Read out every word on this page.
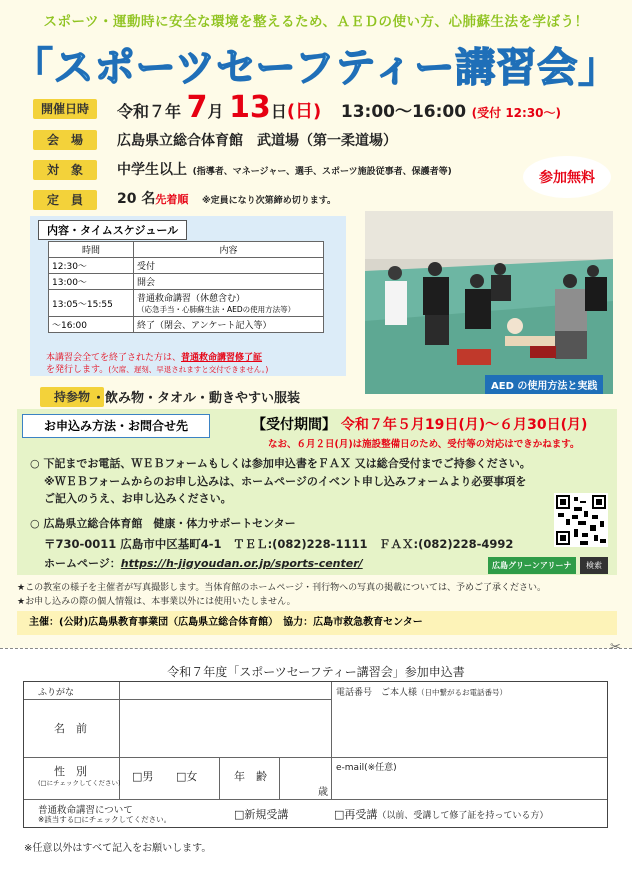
スポーツ・運動時に安全な環境を整えるため、ＡＥＤの使い方、心肺蘇生法を学ぼう！
「スポーツセーフティー講習会」
開催日時	令和７年 7月 13日(日) 13:00〜16:00 (受付 12:30〜)
会　場	広島県立総合体育館　武道場（第一柔道場）
対　象	中学生以上 (指導者、マネージャー、選手、スポーツ施設従事者、保護者等)
定　員	20 名先着順 ※定員になり次第締め切ります。
参加無料
内容・タイムスケジュール
時間	内容
12:30〜	受付
13:00〜	開会
13:05〜15:55	普通救命講習（休憩含む）
（応急手当・心肺蘇生法・AEDの使用方法等）

〜16:00	終了（閉会、アンケート記入等）
本講習会全てを終了された方は、普通救命講習修了証
を発行します。(欠席、遅刻、早退されますと交付できません。)
持参物 ・飲み物・タオル・動きやすい服装
AED の使用方法と実践
お申込み方法・お問合せ先	【受付期間】 令和７年５月19日(月)〜６月30日(月)
なお、６月２日(月)は施設整備日のため、受付等の対応はできかねます。
○ 下記までお電話、ＷＥＢフォームもしくは参加申込書をＦＡＸ 又は総合受付までご持参ください。
※ＷＥＢフォームからのお申し込みは、ホームページのイベント申し込みフォームより必要事項を
ご記入のうえ、お申し込みください。
○ 広島県立総合体育館　健康・体力サポートセンター
〒730-0011 広島市中区基町4-1　ＴＥＬ:(082)228-1111　ＦＡＸ:(082)228-4992
ホームページ：https://h-jigyoudan.or.jp/sports-center/	広島グリーンアリーナ	検索
★この教室の様子を主催者が写真撮影します。当体育館のホームページ・刊行物への写真の掲載については、予めご了承ください。
★お申し込みの際の個人情報は、本事業以外には使用いたしません。
主催：(公財)広島県教育事業団（広島県立総合体育館）　協力：広島市救急教育センター
✂
令和７年度「スポーツセーフティー講習会」参加申込書
ふりがな
名　前
電話番号　ご本人様（日中繋がるお電話番号）
性　別
(□にチェックしてください) □男 □女	年　齢
歳
e-mail(※任意)
普通救命講習について
※該当する□にチェックしてください。	□新規受講	□再受講（以前、受講して修了証を持っている方）
※任意以外はすべて記入をお願いします。
